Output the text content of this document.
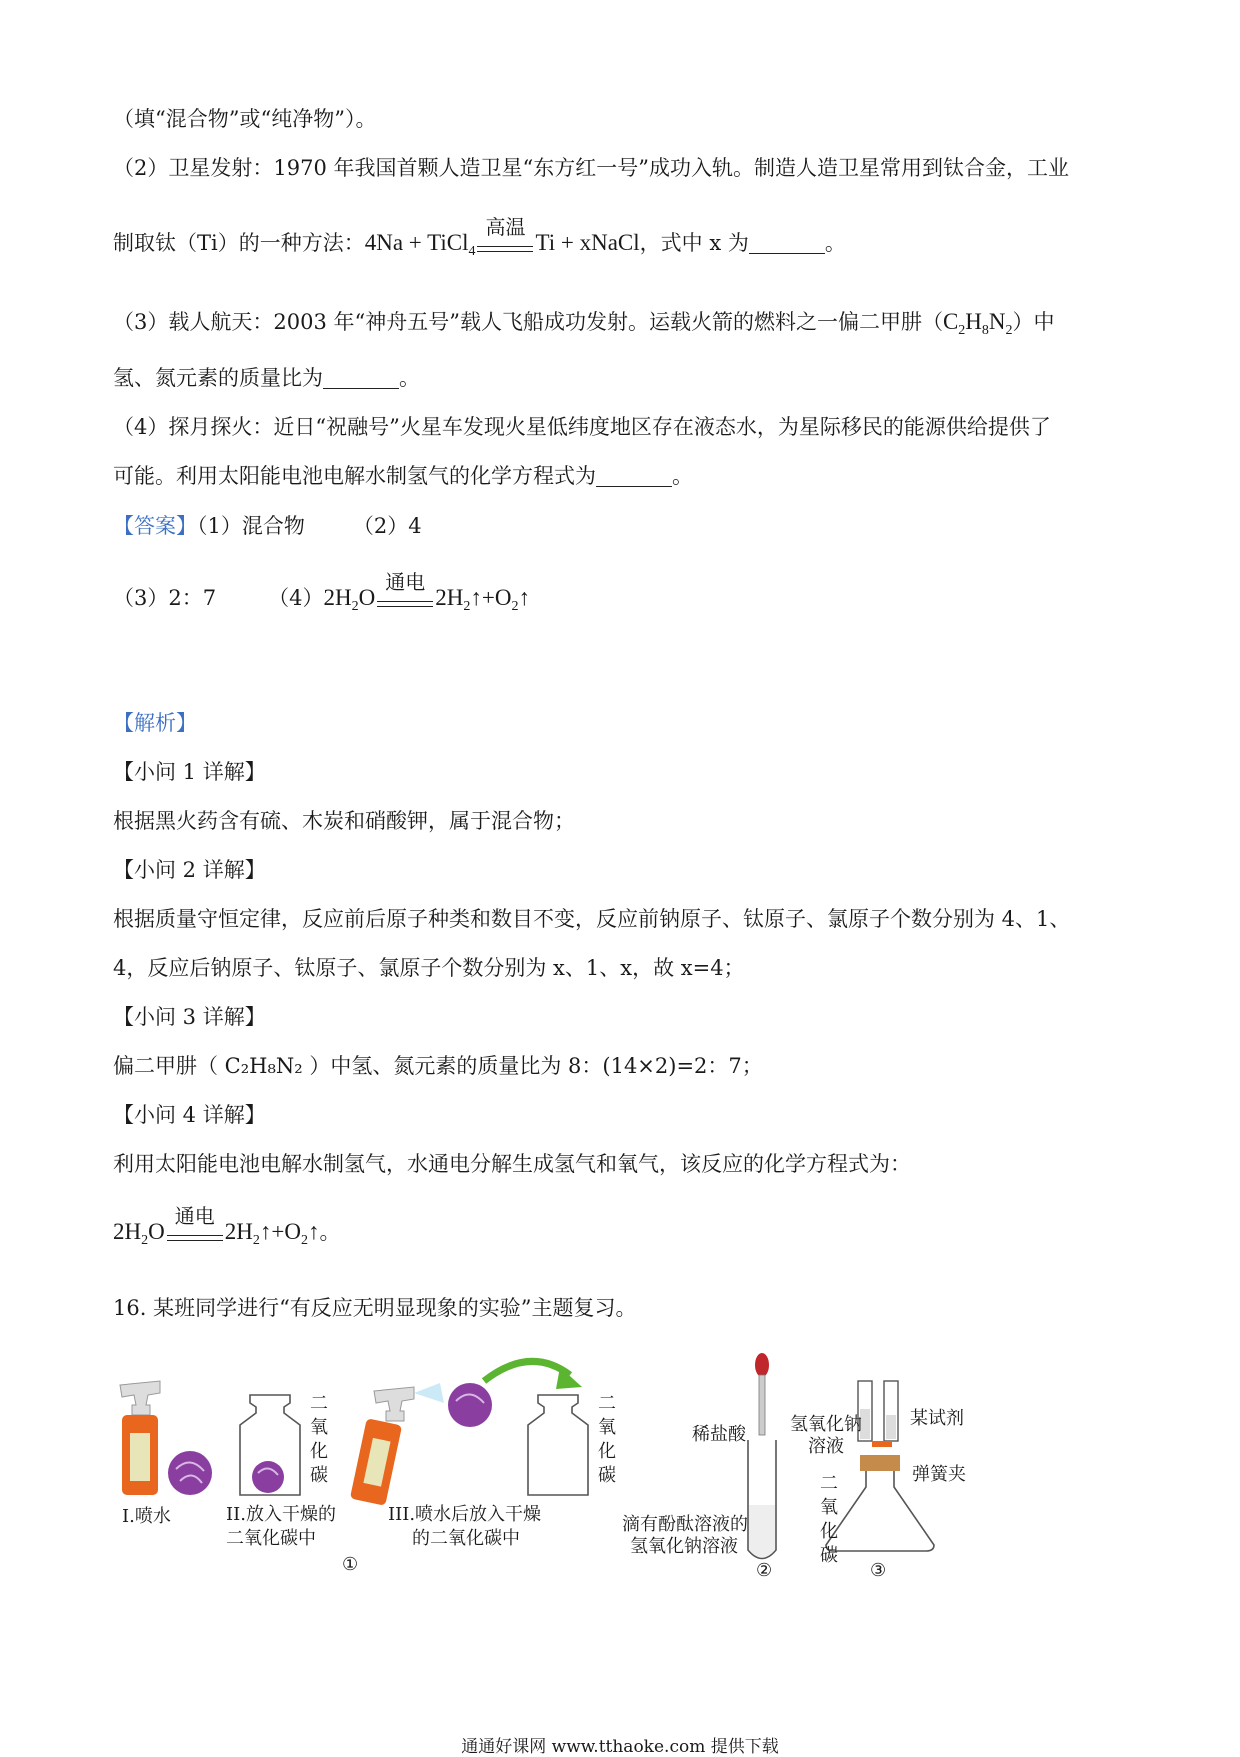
（填“混合物”或“纯净物”）。
（2）卫星发射：1970 年我国首颗人造卫星“东方红一号”成功入轨。制造人造卫星常用到钛合金，工业
制取钛（Ti）的一种方法：4Na + TiCl$_4$
高温
Ti + xNaCl，式中 x 为	。
（3）载人航天：2003 年“神舟五号”载人飞船成功发射。运载火箭的燃料之一偏二甲肼$(C_2H_8N_2)$中
氢、氮元素的质量比为	。
（4）探月探火：近日“祝融号”火星车发现火星低纬度地区存在液态水，为星际移民的能源供给提供了
可能。利用太阳能电池电解水制氢气的化学方程式为	。
【答案】（1）混合物 （2）4
（3）2：7 $(4)2H_2O$
通电
$2H_2↑+O_2↑$
【解析】
【小问 1 详解】
根据黑火药含有硫、木炭和硝酸钾，属于混合物；
【小问 2 详解】
根据质量守恒定律，反应前后原子种类和数目不变，反应前钠原子、钛原子、氯原子个数分别为 4、1、
4，反应后钠原子、钛原子、氯原子个数分别为 x、1、x，故 x=4；
【小问 3 详解】
偏二甲肼（ C₂H₈N₂ ）中氢、氮元素的质量比为 8：(14×2)=2：7；
【小问 4 详解】
利用太阳能电池电解水制氢气，水通电分解生成氢气和氧气，该反应的化学方程式为：
$2H_2O$
通电
$2H_2↑+O_2↑$。
16. 某班同学进行“有反应无明显现象的实验”主题复习。
I.喷水	II.放入干燥的
二氧化碳中
III.喷水后放入干燥
的二氧化碳中
二氧化碳
二氧化碳
①
稀盐酸
滴有酚酞溶液的
氢氧化钠溶液
②
氢氧化钠
溶液
某试剂
弹簧夹
二氧化碳
③
通通好课网 www.tthaoke.com 提供下载
